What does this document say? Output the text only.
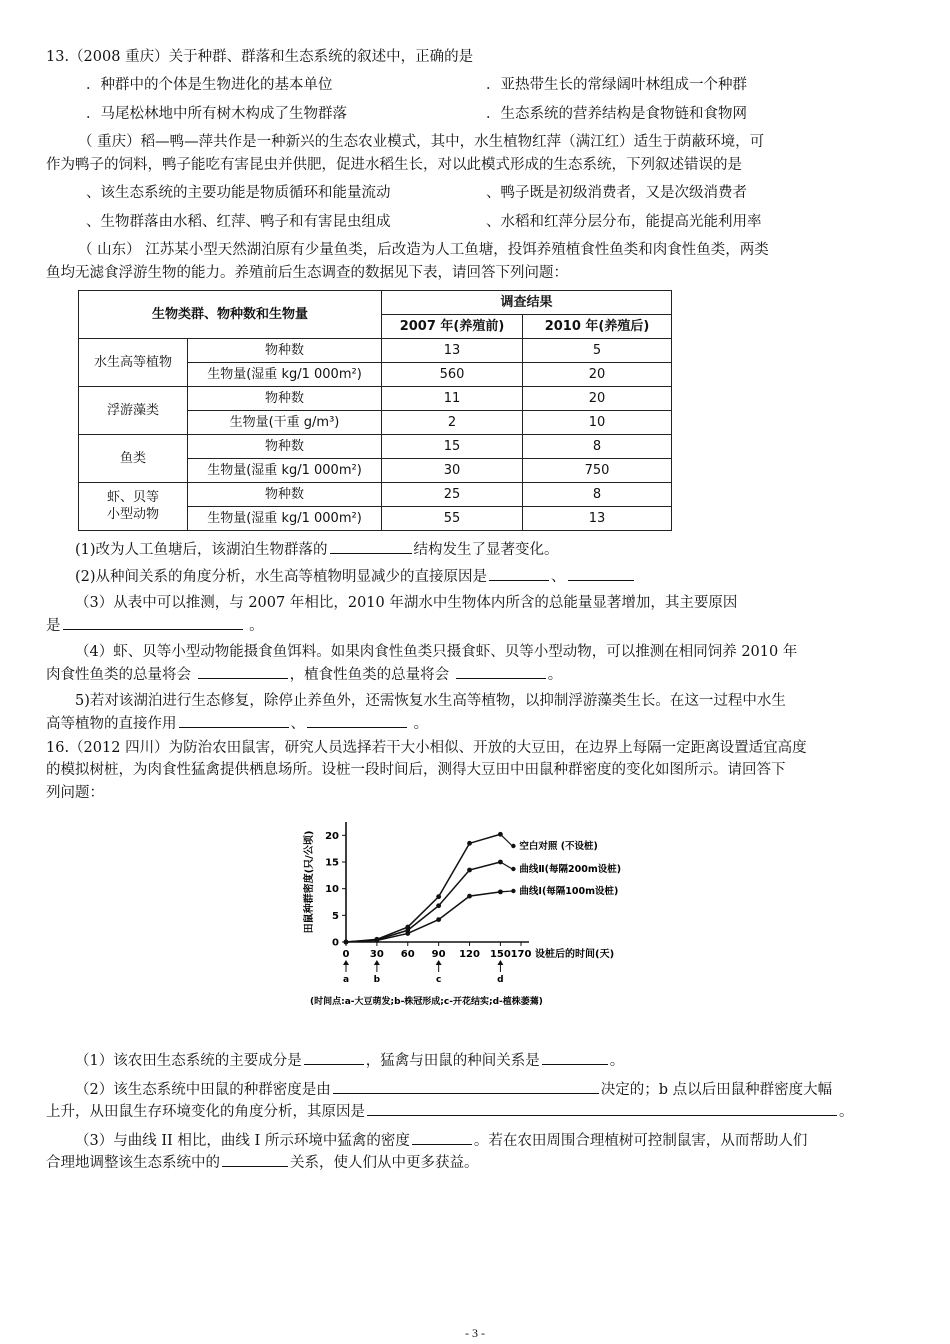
13.（2008 重庆）关于种群、群落和生态系统的叙述中，正确的是

．种群中的个体是生物进化的基本单位	．亚热带生长的常绿阔叶林组成一个种群
．马尾松林地中所有树木构成了生物群落	．生态系统的营养结构是食物链和食物网

（ 重庆）稻—鸭—萍共作是一种新兴的生态农业模式，其中，水生植物红萍（满江红）适生于荫蔽环境，可

作为鸭子的饲料，鸭子能吃有害昆虫并供肥，促进水稻生长，对以此模式形成的生态系统，下列叙述错误的是

、该生态系统的主要功能是物质循环和能量流动	、鸭子既是初级消费者，又是次级消费者
、生物群落由水稻、红萍、鸭子和有害昆虫组成	、水稻和红萍分层分布，能提高光能利用率

（ 山东） 江苏某小型天然湖泊原有少量鱼类，后改造为人工鱼塘，投饵养殖植食性鱼类和肉食性鱼类，两类

鱼均无滤食浮游生物的能力。养殖前后生态调查的数据见下表，请回答下列问题：

生物类群、物种数和生物量		调查结果	
		2007 年(养殖前)	2010 年(养殖后)
水生高等植物	物种数	13	5
	生物量(湿重 kg/1 000m²)	560	20
浮游藻类	物种数	11	20
	生物量(干重 g/m³)	2	10
鱼类	物种数	15	8
	生物量(湿重 kg/1 000m²)	30	750
虾、贝等
小型动物	物种数	25	8
	生物量(湿重 kg/1 000m²)	55	13

(1)改为人工鱼塘后，该湖泊生物群落的	结构发生了显著变化。

(2)从种间关系的角度分析，水生高等植物明显减少的直接原因是	、

（3）从表中可以推测，与 2007 年相比，2010 年湖水中生物体内所含的总能量显著增加，其主要原因

是	。

（4）虾、贝等小型动物能摄食鱼饵料。如果肉食性鱼类只摄食虾、贝等小型动物，可以推测在相同饲养 2010 年

肉食性鱼类的总量将会	，植食性鱼类的总量将会	。

5)若对该湖泊进行生态修复，除停止养鱼外，还需恢复水生高等植物，以抑制浮游藻类生长。在这一过程中水生

高等植物的直接作用	、	。

16.（2012 四川）为防治农田鼠害，研究人员选择若干大小相似、开放的大豆田，在边界上每隔一定距离设置适宜高度

的模拟树桩，为肉食性猛禽提供栖息场所。设桩一段时间后，测得大豆田中田鼠种群密度的变化如图所示。请回答下

列问题：

0
5
10
15
20
0 30 60 90 120 150 170 设桩后的时间(天)
田鼠种群密度(只/公顷)	空白对照 (不设桩)
曲线Ⅱ(每隔200m设桩)
曲线Ⅰ(每隔100m设桩)
a	b	c	d
(时间点:a-大豆萌发;b-株冠形成;c-开花结实;d-植株萎蔫)

（1）该农田生态系统的主要成分是	，猛禽与田鼠的种间关系是	。

（2）该生态系统中田鼠的种群密度是由	决定的；b 点以后田鼠种群密度大幅

上升，从田鼠生存环境变化的角度分析，其原因是	。

（3）与曲线 II 相比，曲线 I 所示环境中猛禽的密度	。若在农田周围合理植树可控制鼠害，从而帮助人们

合理地调整该生态系统中的	关系，使人们从中更多获益。

- 3 -
